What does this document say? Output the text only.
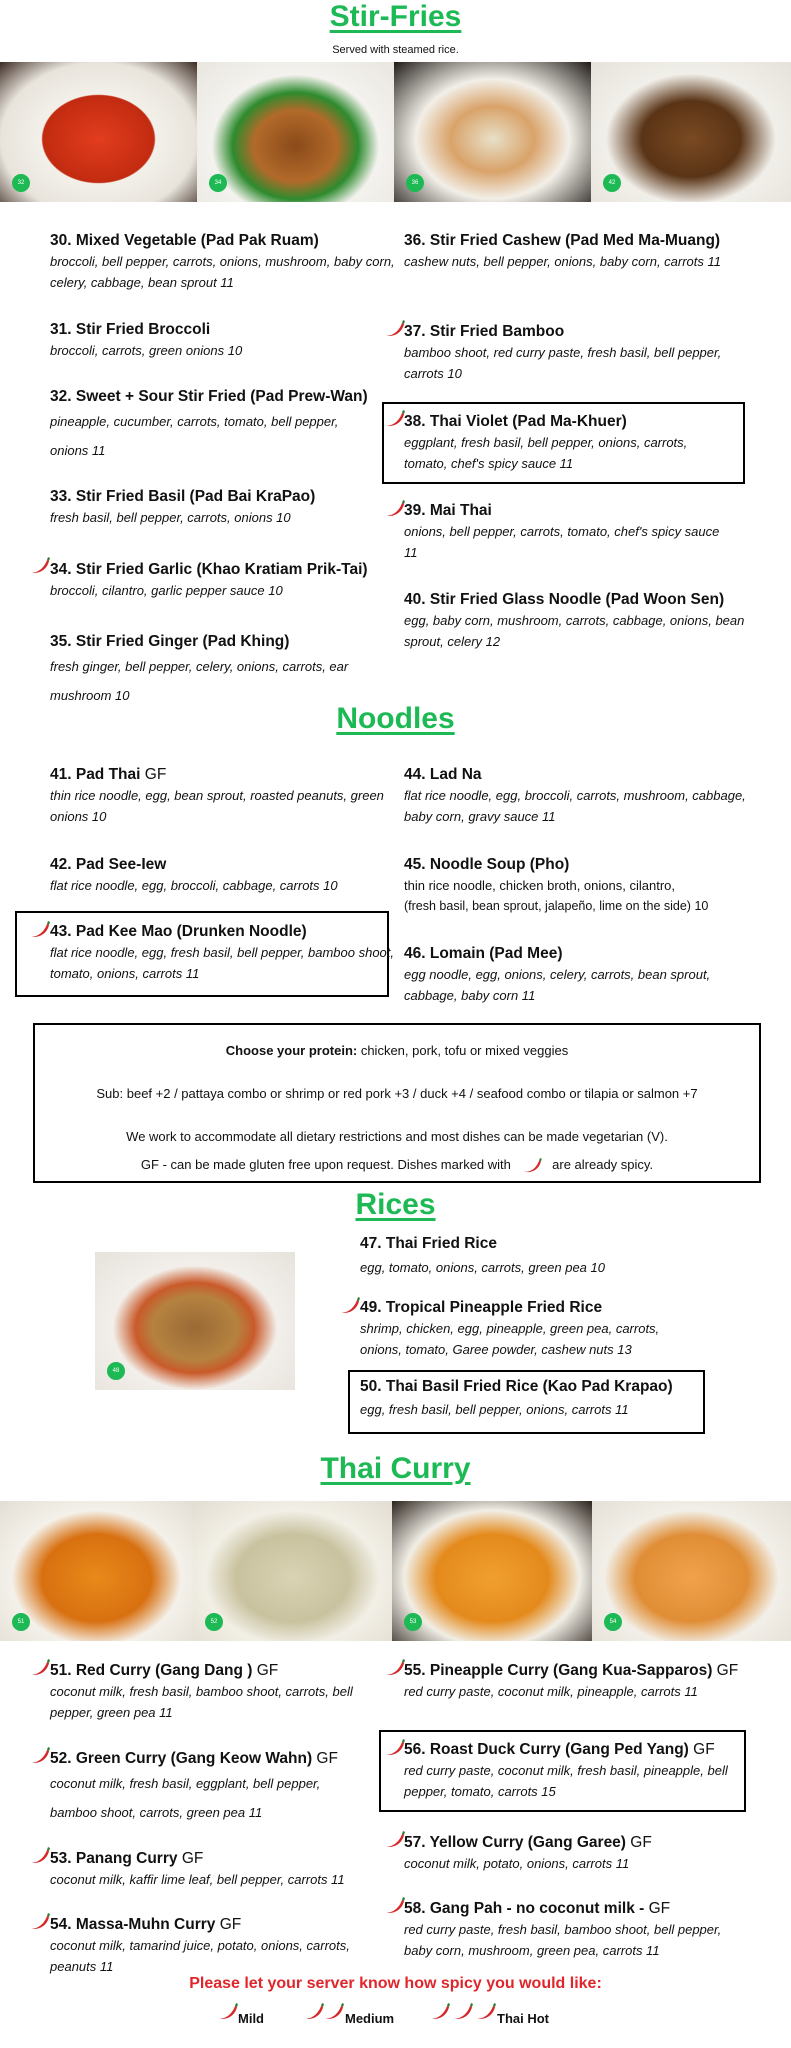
Stir-Fries
Served with steamed rice.
32	34	36	42
30. Mixed Vegetable (Pad Pak Ruam)
broccoli, bell pepper, carrots, onions, mushroom, baby corn, celery, cabbage, bean sprout 11
31. Stir Fried Broccoli
broccoli, carrots, green onions 10
32. Sweet + Sour Stir Fried (Pad Prew-Wan)
pineapple, cucumber, carrots, tomato, bell pepper, onions 11
33. Stir Fried Basil (Pad Bai KraPao)
fresh basil, bell pepper, carrots, onions 10
34. Stir Fried Garlic (Khao Kratiam Prik-Tai)
broccoli, cilantro, garlic pepper sauce 10
35. Stir Fried Ginger (Pad Khing)
fresh ginger, bell pepper, celery, onions, carrots, ear mushroom 10
36. Stir Fried Cashew (Pad Med Ma-Muang)
cashew nuts, bell pepper, onions, baby corn, carrots 11
37. Stir Fried Bamboo
bamboo shoot, red curry paste, fresh basil, bell pepper, carrots 10
38. Thai Violet (Pad Ma-Khuer)
eggplant, fresh basil, bell pepper, onions, carrots, tomato, chef's spicy sauce 11
39. Mai Thai
onions, bell pepper, carrots, tomato, chef's spicy sauce 11
40. Stir Fried Glass Noodle (Pad Woon Sen)
egg, baby corn, mushroom, carrots, cabbage, onions, bean sprout, celery 12
Noodles
41. Pad Thai GF
thin rice noodle, egg, bean sprout, roasted peanuts, green onions 10
42. Pad See-Iew
flat rice noodle, egg, broccoli, cabbage, carrots 10
43. Pad Kee Mao (Drunken Noodle)
flat rice noodle, egg, fresh basil, bell pepper, bamboo shoot, tomato, onions, carrots 11
44. Lad Na
flat rice noodle, egg, broccoli, carrots, mushroom, cabbage, baby corn, gravy sauce 11
45. Noodle Soup (Pho)
thin rice noodle, chicken broth, onions, cilantro,
(fresh basil, bean sprout, jalapeño, lime on the side) 10
46. Lomain (Pad Mee)
egg noodle, egg, onions, celery, carrots, bean sprout, cabbage, baby corn 11
Choose your protein: chicken, pork, tofu or mixed veggies
Sub: beef +2 / pattaya combo or shrimp or red pork +3 / duck +4 / seafood combo or tilapia or salmon +7
We work to accommodate all dietary restrictions and most dishes can be made vegetarian (V).
GF - can be made gluten free upon request. Dishes marked with	are already spicy.
Rices
48
47. Thai Fried Rice
egg, tomato, onions, carrots, green pea 10
49. Tropical Pineapple Fried Rice
shrimp, chicken, egg, pineapple, green pea, carrots, onions, tomato, Garee powder, cashew nuts 13
50. Thai Basil Fried Rice (Kao Pad Krapao)
egg, fresh basil, bell pepper, onions, carrots 11
Thai Curry
51	52	53	54
51. Red Curry (Gang Dang ) GF
coconut milk, fresh basil, bamboo shoot, carrots, bell pepper, green pea 11
52. Green Curry (Gang Keow Wahn) GF
coconut milk, fresh basil, eggplant, bell pepper, bamboo shoot, carrots, green pea 11
53. Panang Curry GF
coconut milk, kaffir lime leaf, bell pepper, carrots 11
54. Massa-Muhn Curry GF
coconut milk, tamarind juice, potato, onions, carrots, peanuts 11
55. Pineapple Curry (Gang Kua-Sapparos) GF
red curry paste, coconut milk, pineapple, carrots 11
56. Roast Duck Curry (Gang Ped Yang) GF
red curry paste, coconut milk, fresh basil, pineapple, bell pepper, tomato, carrots 15
57. Yellow Curry (Gang Garee) GF
coconut milk, potato, onions, carrots 11
58. Gang Pah - no coconut milk - GF
red curry paste, fresh basil, bamboo shoot, bell pepper, baby corn, mushroom, green pea, carrots 11
Please let your server know how spicy you would like:
Mild	Medium	Thai Hot
